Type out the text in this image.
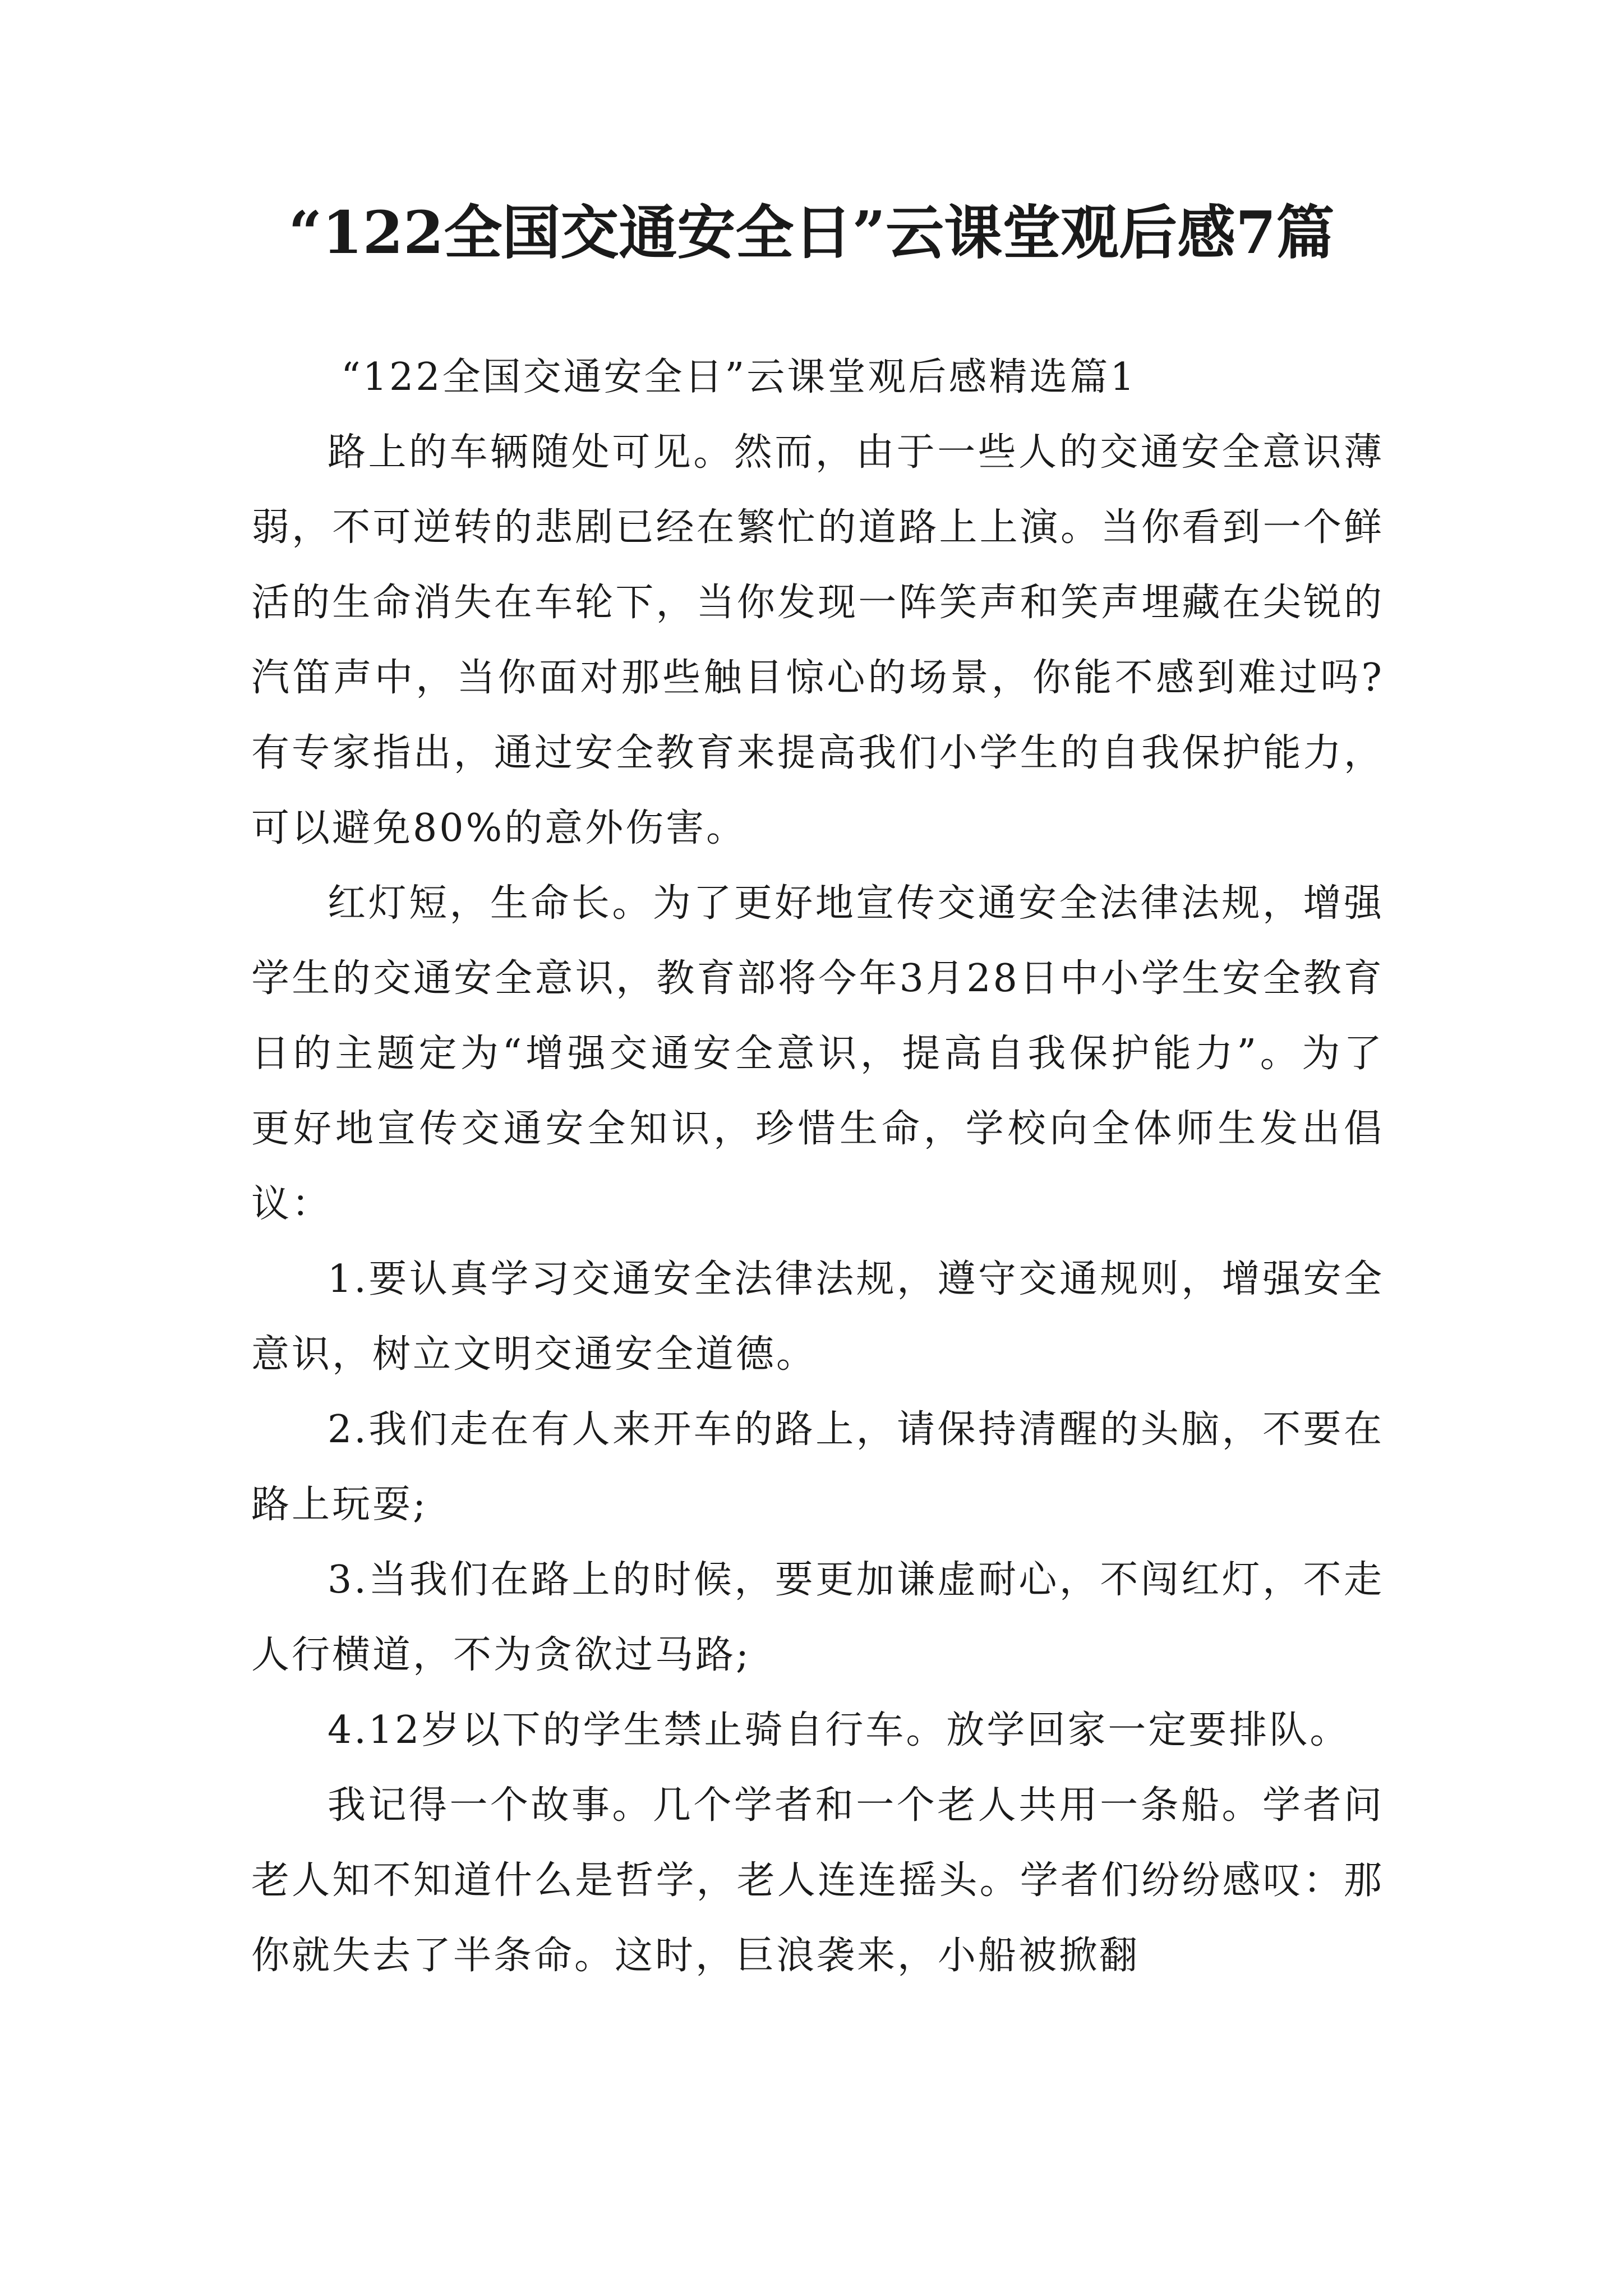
“122全国交通安全日”云课堂观后感7篇

“122全国交通安全日”云课堂观后感精选篇1

路上的车辆随处可见。然而，由于一些人的交通安全意识薄弱，不可逆转的悲剧已经在繁忙的道路上上演。当你看到一个鲜活的生命消失在车轮下，当你发现一阵笑声和笑声埋藏在尖锐的汽笛声中，当你面对那些触目惊心的场景，你能不感到难过吗?有专家指出，通过安全教育来提高我们小学生的自我保护能力，可以避免80%的意外伤害。

红灯短，生命长。为了更好地宣传交通安全法律法规，增强学生的交通安全意识，教育部将今年3月28日中小学生安全教育日的主题定为“增强交通安全意识，提高自我保护能力”。为了更好地宣传交通安全知识，珍惜生命，学校向全体师生发出倡议：

1.要认真学习交通安全法律法规，遵守交通规则，增强安全意识，树立文明交通安全道德。

2.我们走在有人来开车的路上，请保持清醒的头脑，不要在路上玩耍;

3.当我们在路上的时候，要更加谦虚耐心，不闯红灯，不走人行横道，不为贪欲过马路;

4.12岁以下的学生禁止骑自行车。放学回家一定要排队。

我记得一个故事。几个学者和一个老人共用一条船。学者问老人知不知道什么是哲学，老人连连摇头。学者们纷纷感叹：那你就失去了半条命。这时，巨浪袭来，小船被掀翻
